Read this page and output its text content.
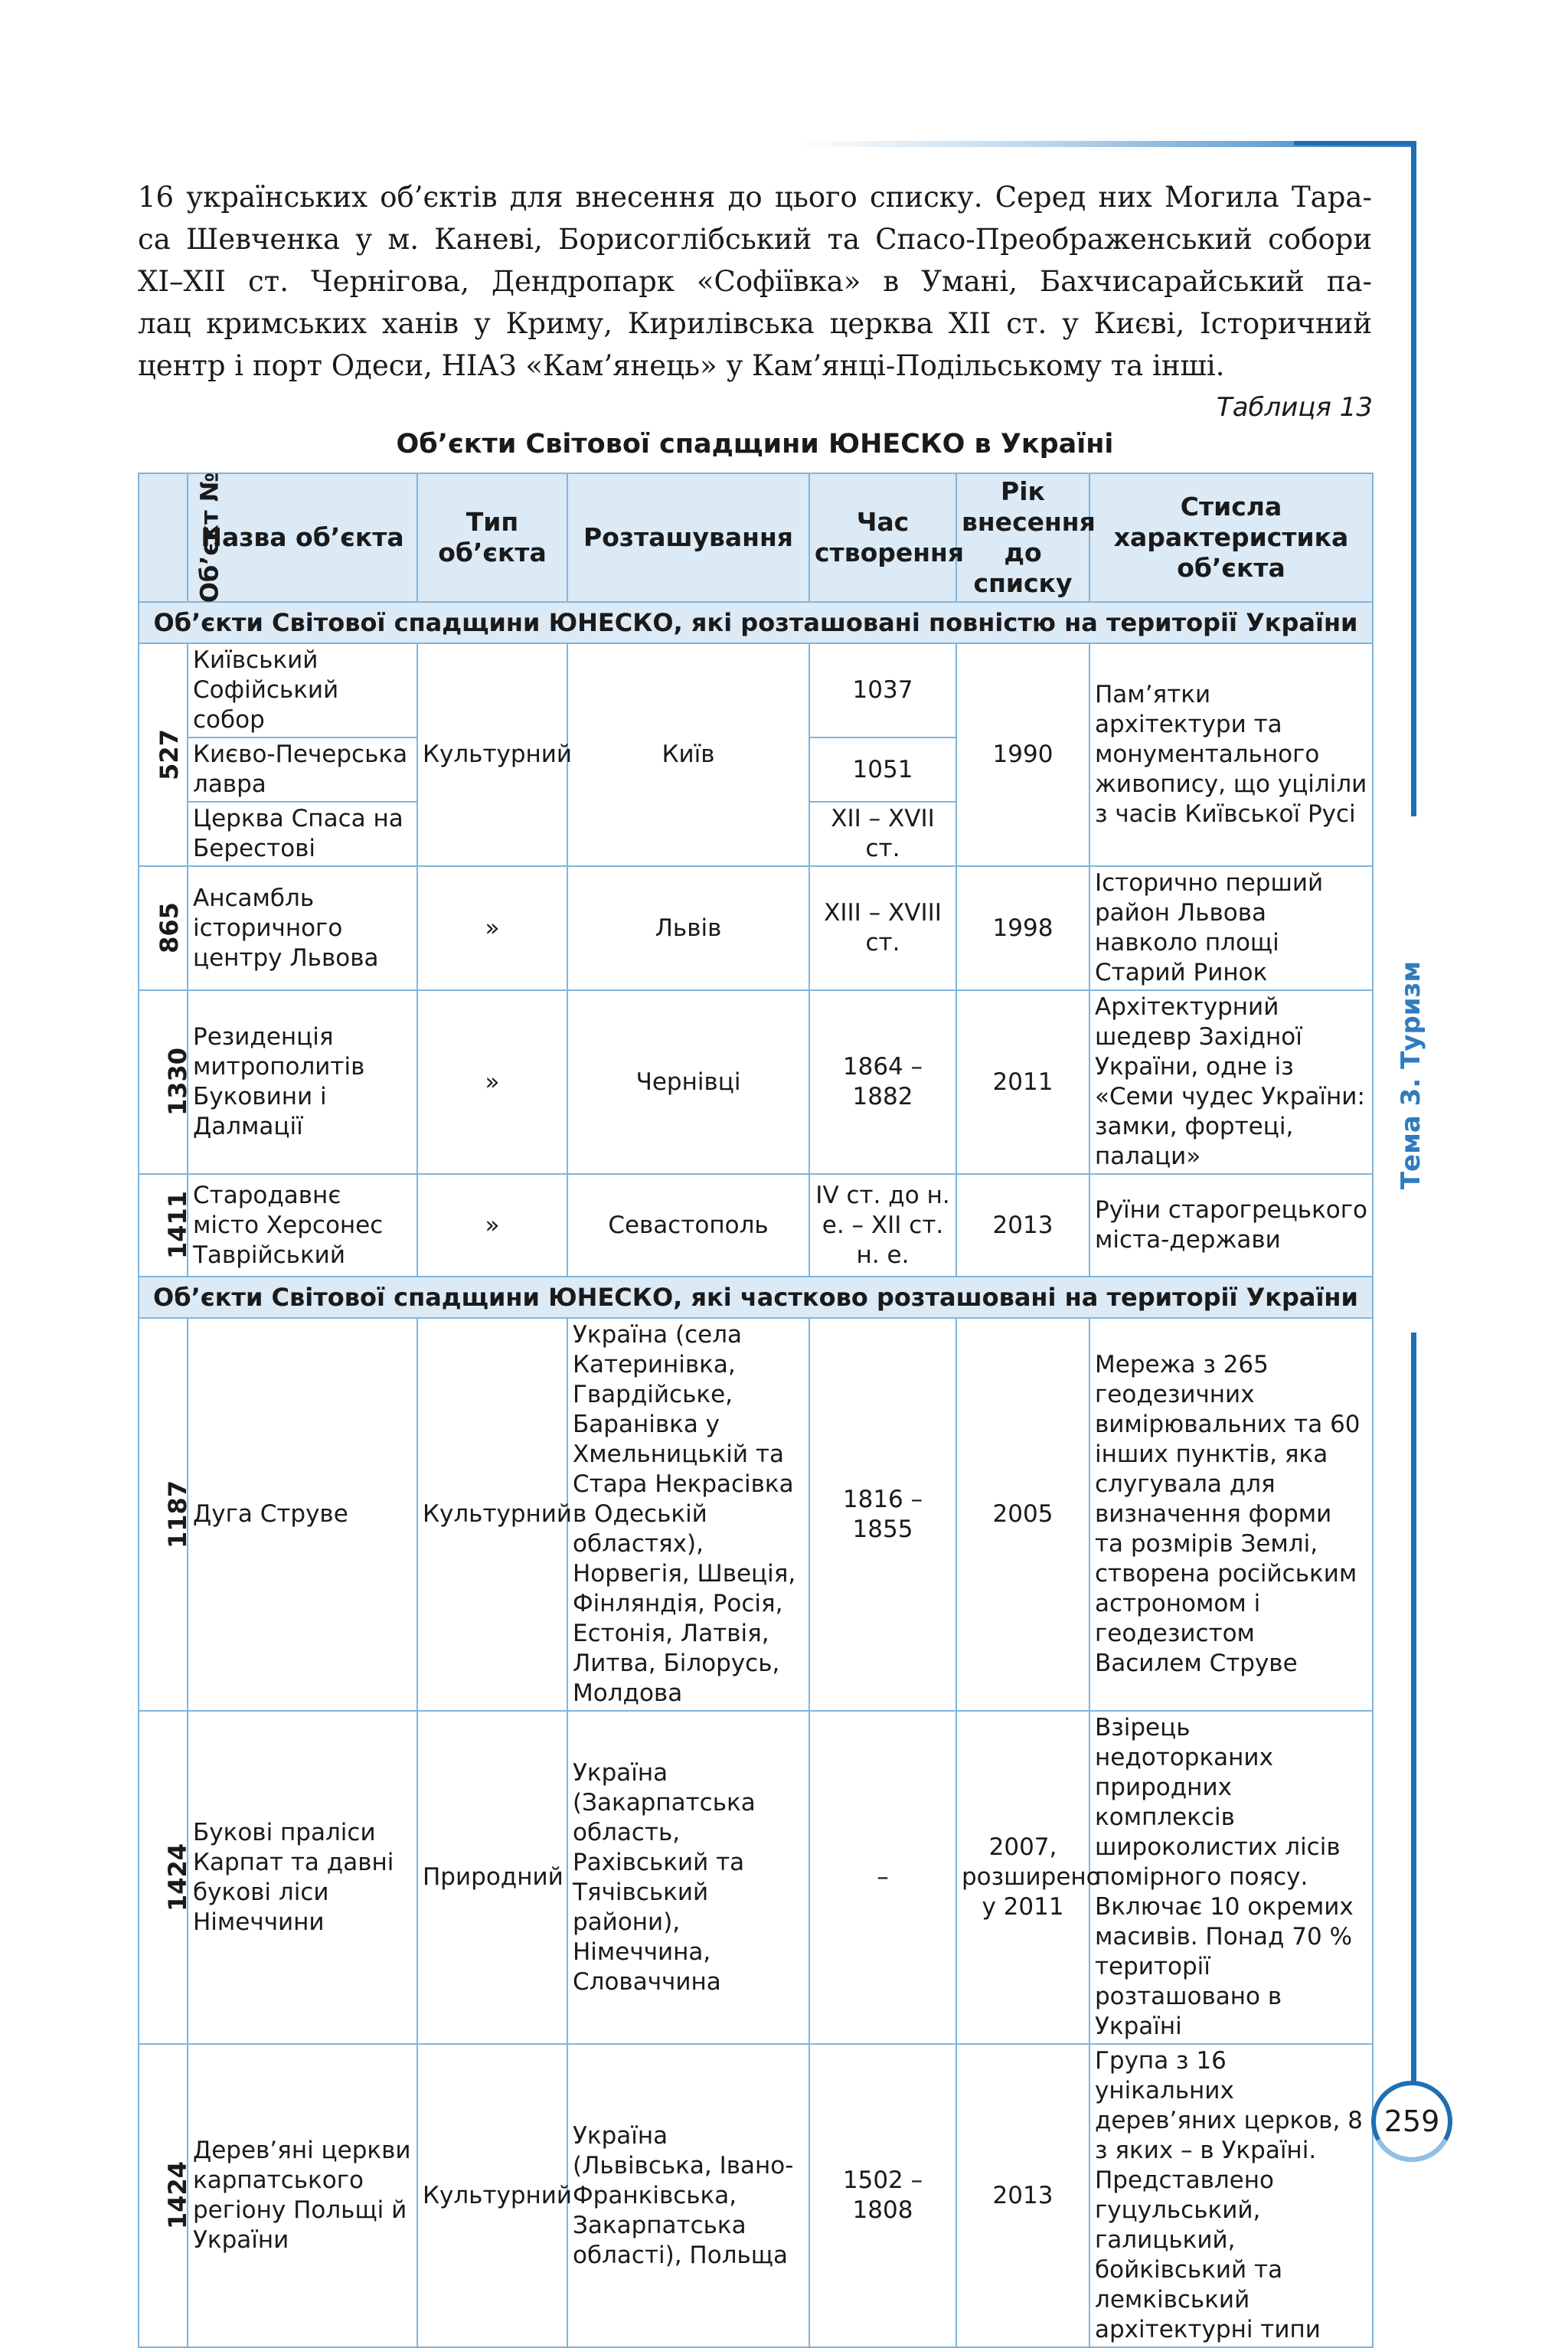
Тема 3. Туризм

16 українських об’єктів для внесення до цього списку. Серед них Могила Тара-
са Шевченка у м. Каневі, Борисоглібський та Спасо-Преображенський собори
XI–XII ст. Чернігова, Дендропарк «Софіївка» в Умані, Бахчисарайський па-
лац кримських ханів у Криму, Кирилівська церква XII ст. у Києві, Історичний
центр і порт Одеси, НІАЗ «Кам’янець» у Кам’янці-Подільському та інші.

Таблиця 13
Об’єкти Світової спадщини ЮНЕСКО в Україні
Об’єкт №	Назва об’єкта	Тип об’єкта	Розташування	Час створення	Рік внесення до списку	Стисла характеристика об’єкта
Об’єкти Світової спадщини ЮНЕСКО, які розташовані повністю на території України						
527	Київський Софійський собор	Культурний	Київ	1037	1990	Пам’ятки архітектури та монументального живопису, що уціліли з часів Київської Русі
	Києво-Печерська лавра			1051		
	Церква Спаса на Берестові			XII – XVII ст.		
865	Ансамбль історичного центру Львова	»	Львів	XIII – XVIII ст.	1998	Історично перший район Львова навколо площі Старий Ринок
1330	Резиденція митрополитів Буковини і Далмації	»	Чернівці	1864 – 1882	2011	Архітектурний шедевр Західної України, одне із «Семи чудес України: замки, фортеці, палаци»
1411	Стародавнє місто Херсонес Таврійський	»	Севастополь	IV ст. до н. е. – XII ст. н. е.	2013	Руїни старогрецького міста-держави
Об’єкти Світової спадщини ЮНЕСКО, які частково розташовані на території України						
1187	Дуга Струве	Культурний	Україна (села Катеринівка, Гвардійське, Баранівка у Хмельницькій та Стара Некрасівка в Одеській областях), Норвегія, Швеція, Фінляндія, Росія, Естонія, Латвія, Литва, Білорусь, Молдова	1816 – 1855	2005	Мережа з 265 геодезичних вимірювальних та 60 інших пунктів, яка слугувала для визначення форми та розмірів Землі, створена російським астрономом і геодезистом Василем Струве
1424	Букові праліси Карпат та давні букові ліси Німеччини	Природний	Україна (Закарпатська область, Рахівський та Тячівський райони), Німеччина, Словаччина	–	2007, розширено у 2011	Взірець недоторканих природних комплексів широколистих лісів помірного поясу. Включає 10 окремих масивів. Понад 70 % території розташовано в Україні
1424	Дерев’яні церкви карпатського регіону Польщі й України	Культурний	Україна (Львівська, Івано-Франківська, Закарпатська області), Польща	1502 – 1808	2013	Група з 16 унікальних дерев’яних церков, 8 з яких – в Україні. Представлено гуцульський, галицький, бойківський та лемківський архітектурні типи
259
